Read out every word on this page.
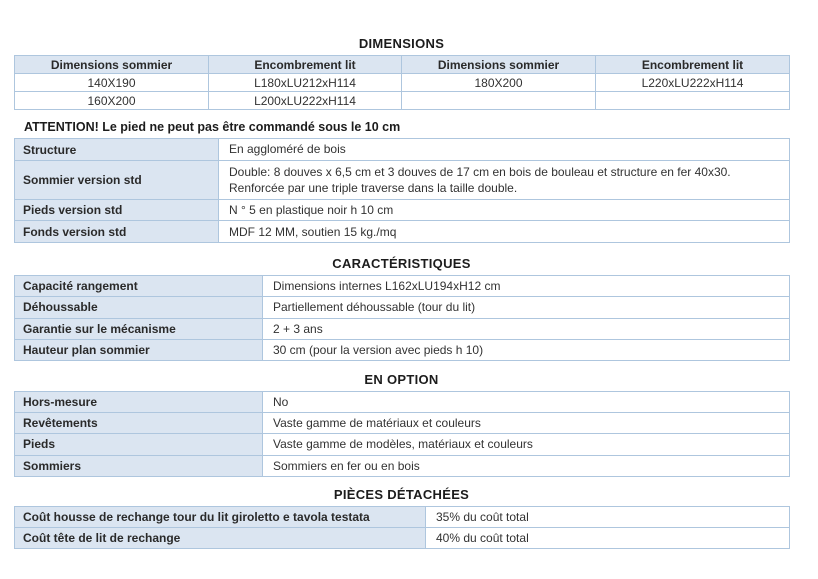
DIMENSIONS
Dimensions sommier	Encombrement lit	Dimensions sommier	Encombrement lit
140X190	L180xLU212xH114	180X200	L220xLU222xH114
160X200	L200xLU222xH114		
ATTENTION! Le pied ne peut pas être commandé sous le 10 cm
Structure	En aggloméré de bois
Sommier version std	Double: 8 douves x 6,5 cm et 3 douves de 17 cm en bois de bouleau et structure en fer 40x30. Renforcée par une triple traverse dans la taille double.
Pieds version std	N ° 5 en plastique noir h 10 cm
Fonds version std	MDF 12 MM, soutien 15 kg./mq
CARACTÉRISTIQUES
Capacité rangement	Dimensions internes L162xLU194xH12 cm
Déhoussable	Partiellement déhoussable (tour du lit)
Garantie sur le mécanisme	2 + 3 ans
Hauteur plan sommier	30 cm (pour la version avec pieds h 10)
EN OPTION
Hors-mesure	No
Revêtements	Vaste gamme de matériaux et couleurs
Pieds	Vaste gamme de modèles, matériaux et couleurs
Sommiers	Sommiers en fer ou en bois
PIÈCES DÉTACHÉES
Coût housse de rechange tour du lit giroletto e tavola testata	35% du coût total
Coût tête de lit de rechange	40% du coût total
